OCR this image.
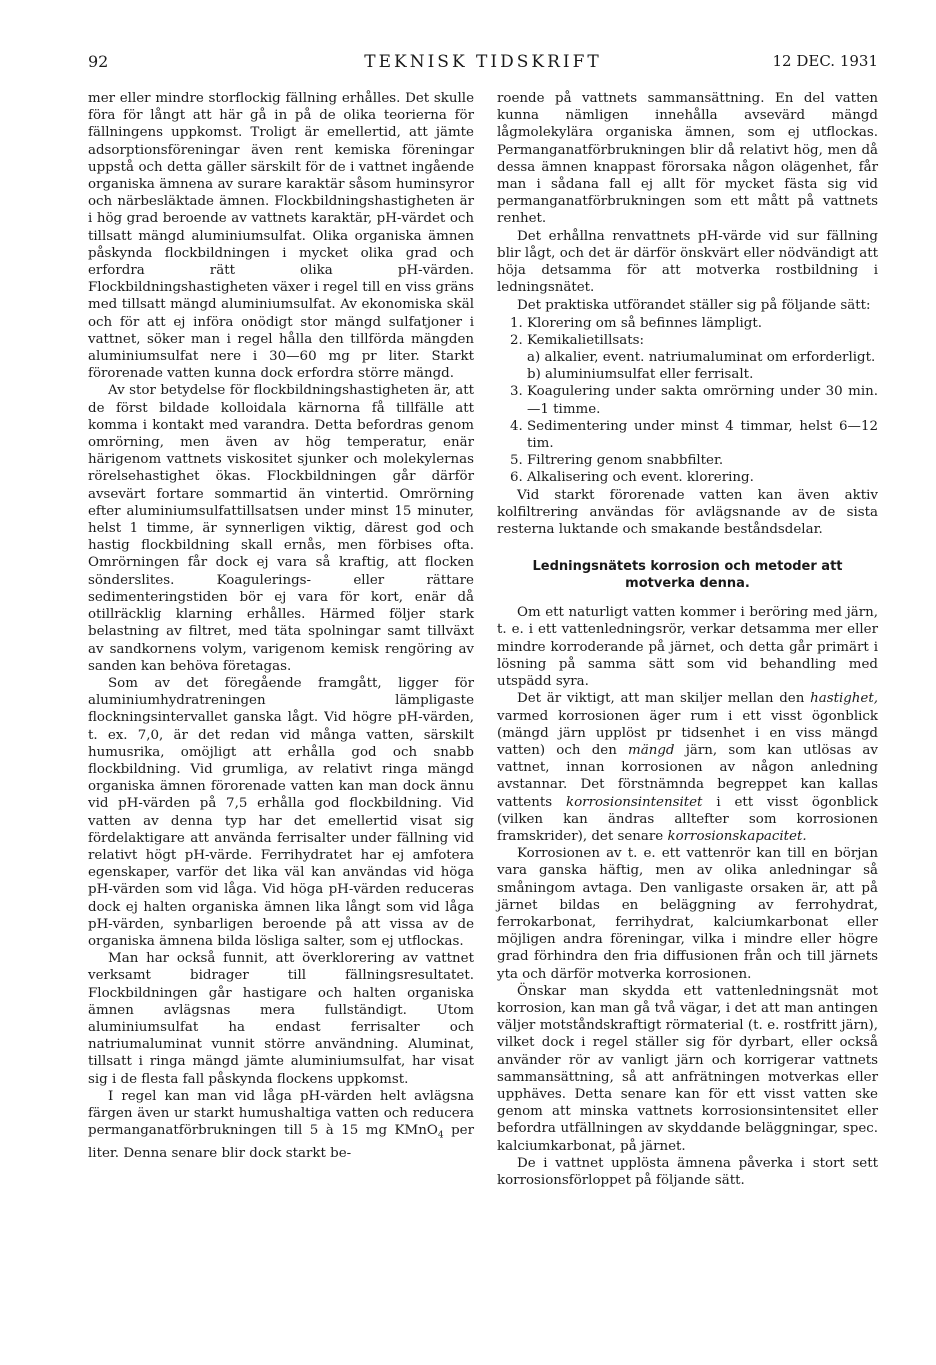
92	TEKNISK TIDSKRIFT	12 DEC. 1931

mer eller mindre storflockig fällning erhålles. Det skulle föra för långt att här gå in på de olika teorierna för fällningens uppkomst. Troligt är emellertid, att jämte adsorptionsföreningar även rent kemiska föreningar uppstå och detta gäller särskilt för de i vattnet ingående organiska ämnena av surare karaktär såsom huminsyror och närbesläktade ämnen. Flockbildningshastigheten är i hög grad beroende av vattnets karaktär, pH-värdet och tillsatt mängd aluminiumsulfat. Olika organiska ämnen påskynda flockbildningen i mycket olika grad och erfordra rätt olika pH-värden. Flockbildningshastigheten växer i regel till en viss gräns med tillsatt mängd aluminiumsulfat. Av ekonomiska skäl och för att ej införa onödigt stor mängd sulfatjoner i vattnet, söker man i regel hålla den tillförda mängden aluminiumsulfat nere i 30—60 mg pr liter. Starkt förorenade vatten kunna dock erfordra större mängd.

Av stor betydelse för flockbildningshastigheten är, att de först bildade kolloidala kärnorna få tillfälle att komma i kontakt med varandra. Detta befordras genom omrörning, men även av hög temperatur, enär härigenom vattnets viskositet sjunker och molekylernas rörelsehastighet ökas. Flockbildningen går därför avsevärt fortare sommartid än vintertid. Omrörning efter aluminiumsulfattillsatsen under minst 15 minuter, helst 1 timme, är synnerligen viktig, därest god och hastig flockbildning skall ernås, men förbises ofta. Omrörningen får dock ej vara så kraftig, att flocken sönderslites. Koagulerings- eller rättare sedimenteringstiden bör ej vara för kort, enär då otillräcklig klarning erhålles. Härmed följer stark belastning av filtret, med täta spolningar samt tillväxt av sandkornens volym, varigenom kemisk rengöring av sanden kan behöva företagas.

Som av det föregående framgått, ligger för aluminiumhydratreningen lämpligaste flockningsintervallet ganska lågt. Vid högre pH-värden, t. ex. 7,0, är det redan vid många vatten, särskilt humusrika, omöjligt att erhålla god och snabb flockbildning. Vid grumliga, av relativt ringa mängd organiska ämnen förorenade vatten kan man dock ännu vid pH-värden på 7,5 erhålla god flockbildning. Vid vatten av denna typ har det emellertid visat sig fördelaktigare att använda ferrisalter under fällning vid relativt högt pH-värde. Ferrihydratet har ej amfotera egenskaper, varför det lika väl kan användas vid höga pH-värden som vid låga. Vid höga pH-värden reduceras dock ej halten organiska ämnen lika långt som vid låga pH-värden, synbarligen beroende på att vissa av de organiska ämnena bilda lösliga salter, som ej utflockas.

Man har också funnit, att överklorering av vattnet verksamt bidrager till fällningsresultatet. Flockbildningen går hastigare och halten organiska ämnen avlägsnas mera fullständigt. Utom aluminiumsulfat ha endast ferrisalter och natriumaluminat vunnit större användning. Aluminat, tillsatt i ringa mängd jämte aluminiumsulfat, har visat sig i de flesta fall påskynda flockens uppkomst.

I regel kan man vid låga pH-värden helt avlägsna färgen även ur starkt humushaltiga vatten och reducera permanganatförbrukningen till 5 à 15 mg KMnO$_4$ per liter. Denna senare blir dock starkt be-

roende på vattnets sammansättning. En del vatten kunna nämligen innehålla avsevärd mängd lågmolekylära organiska ämnen, som ej utflockas. Permanganatförbrukningen blir då relativt hög, men då dessa ämnen knappast förorsaka någon olägenhet, får man i sådana fall ej allt för mycket fästa sig vid permanganatförbrukningen som ett mått på vattnets renhet.

Det erhållna renvattnets pH-värde vid sur fällning blir lågt, och det är därför önskvärt eller nödvändigt att höja detsamma för att motverka rostbildning i ledningsnätet.

Det praktiska utförandet ställer sig på följande sätt:

1. Klorering om så befinnes lämpligt.
2. Kemikalietillsats:
a) alkalier, event. natriumaluminat om erforderligt.
b) aluminiumsulfat eller ferrisalt.
3. Koagulering under sakta omrörning under 30 min.—1 timme.
4. Sedimentering under minst 4 timmar, helst 6—12 tim.
5. Filtrering genom snabbfilter.
6. Alkalisering och event. klorering.

Vid starkt förorenade vatten kan även aktiv kolfiltrering användas för avlägsnande av de sista resterna luktande och smakande beståndsdelar.

Ledningsnätets korrosion och metoder att motverka denna.

Om ett naturligt vatten kommer i beröring med järn, t. e. i ett vattenledningsrör, verkar detsamma mer eller mindre korroderande på järnet, och detta går primärt i lösning på samma sätt som vid behandling med utspädd syra.

Det är viktigt, att man skiljer mellan den hastighet, varmed korrosionen äger rum i ett visst ögonblick (mängd järn upplöst pr tidsenhet i en viss mängd vatten) och den mängd järn, som kan utlösas av vattnet, innan korrosionen av någon anledning avstannar. Det förstnämnda begreppet kan kallas vattents korrosionsintensitet i ett visst ögonblick (vilken kan ändras alltefter som korrosionen framskrider), det senare korrosionskapacitet.

Korrosionen av t. e. ett vattenrör kan till en början vara ganska häftig, men av olika anledningar så småningom avtaga. Den vanligaste orsaken är, att på järnet bildas en beläggning av ferrohydrat, ferrokarbonat, ferrihydrat, kalciumkarbonat eller möjligen andra föreningar, vilka i mindre eller högre grad förhindra den fria diffusionen från och till järnets yta och därför motverka korrosionen.

Önskar man skydda ett vattenledningsnät mot korrosion, kan man gå två vägar, i det att man antingen väljer motståndskraftigt rörmaterial (t. e. rostfritt järn), vilket dock i regel ställer sig för dyrbart, eller också använder rör av vanligt järn och korrigerar vattnets sammansättning, så att anfrätningen motverkas eller upphäves. Detta senare kan för ett visst vatten ske genom att minska vattnets korrosionsintensitet eller befordra utfällningen av skyddande beläggningar, spec. kalciumkarbonat, på järnet.

De i vattnet upplösta ämnena påverka i stort sett korrosionsförloppet på följande sätt.
